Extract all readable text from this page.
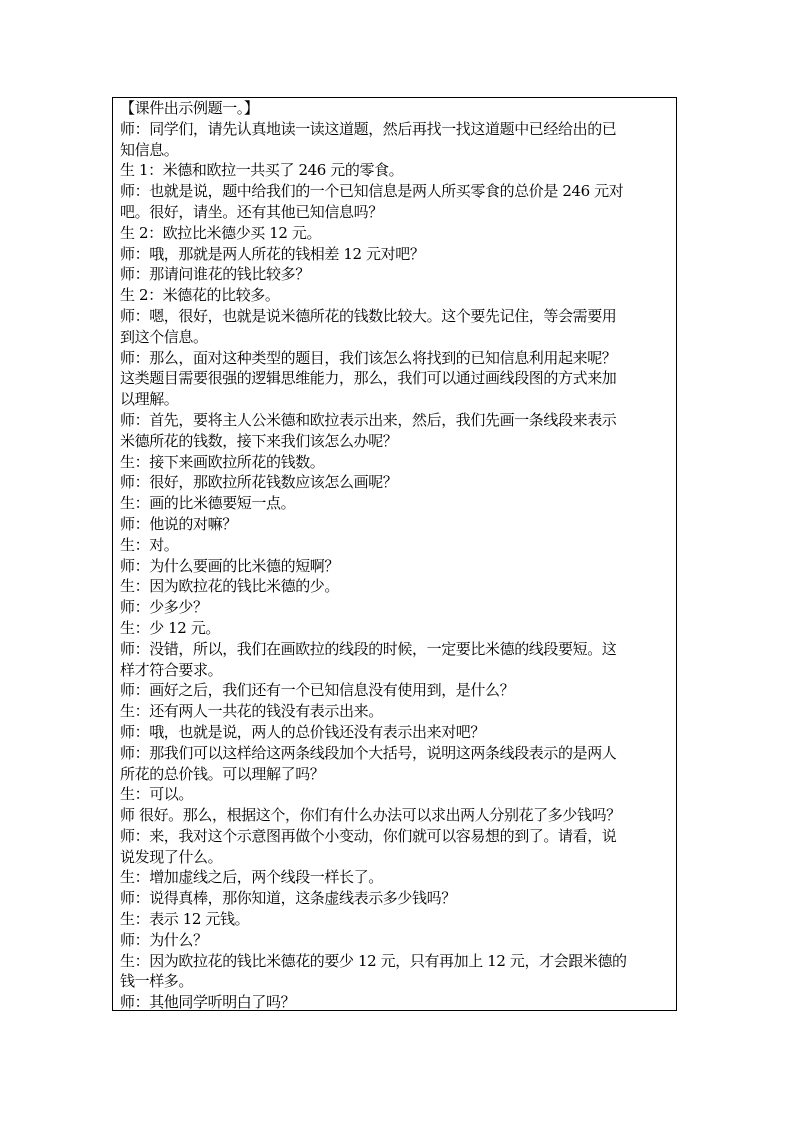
【课件出示例题一。】
师：同学们，请先认真地读一读这道题，然后再找一找这道题中已经给出的已
知信息。
生 1：米德和欧拉一共买了 246 元的零食。
师：也就是说，题中给我们的一个已知信息是两人所买零食的总价是 246 元对
吧。很好，请坐。还有其他已知信息吗？
生 2：欧拉比米德少买 12 元。
师：哦，那就是两人所花的钱相差 12 元对吧？
师：那请问谁花的钱比较多？
生 2：米德花的比较多。
师：嗯，很好，也就是说米德所花的钱数比较大。这个要先记住，等会需要用
到这个信息。
师：那么，面对这种类型的题目，我们该怎么将找到的已知信息利用起来呢？
这类题目需要很强的逻辑思维能力，那么，我们可以通过画线段图的方式来加
以理解。
师：首先，要将主人公米德和欧拉表示出来，然后，我们先画一条线段来表示
米德所花的钱数，接下来我们该怎么办呢？
生：接下来画欧拉所花的钱数。
师：很好，那欧拉所花钱数应该怎么画呢？
生：画的比米德要短一点。
师：他说的对嘛？
生：对。
师：为什么要画的比米德的短啊？
生：因为欧拉花的钱比米德的少。
师：少多少？
生：少 12 元。
师：没错，所以，我们在画欧拉的线段的时候，一定要比米德的线段要短。这
样才符合要求。
师：画好之后，我们还有一个已知信息没有使用到，是什么？
生：还有两人一共花的钱没有表示出来。
师：哦，也就是说，两人的总价钱还没有表示出来对吧？
师：那我们可以这样给这两条线段加个大括号，说明这两条线段表示的是两人
所花的总价钱。可以理解了吗？
生：可以。
师 很好。那么，根据这个，你们有什么办法可以求出两人分别花了多少钱吗？
师：来，我对这个示意图再做个小变动，你们就可以容易想的到了。请看，说
说发现了什么。
生：增加虚线之后，两个线段一样长了。
师：说得真棒，那你知道，这条虚线表示多少钱吗？
生：表示 12 元钱。
师：为什么？
生：因为欧拉花的钱比米德花的要少 12 元，只有再加上 12 元，才会跟米德的
钱一样多。
师：其他同学听明白了吗？
